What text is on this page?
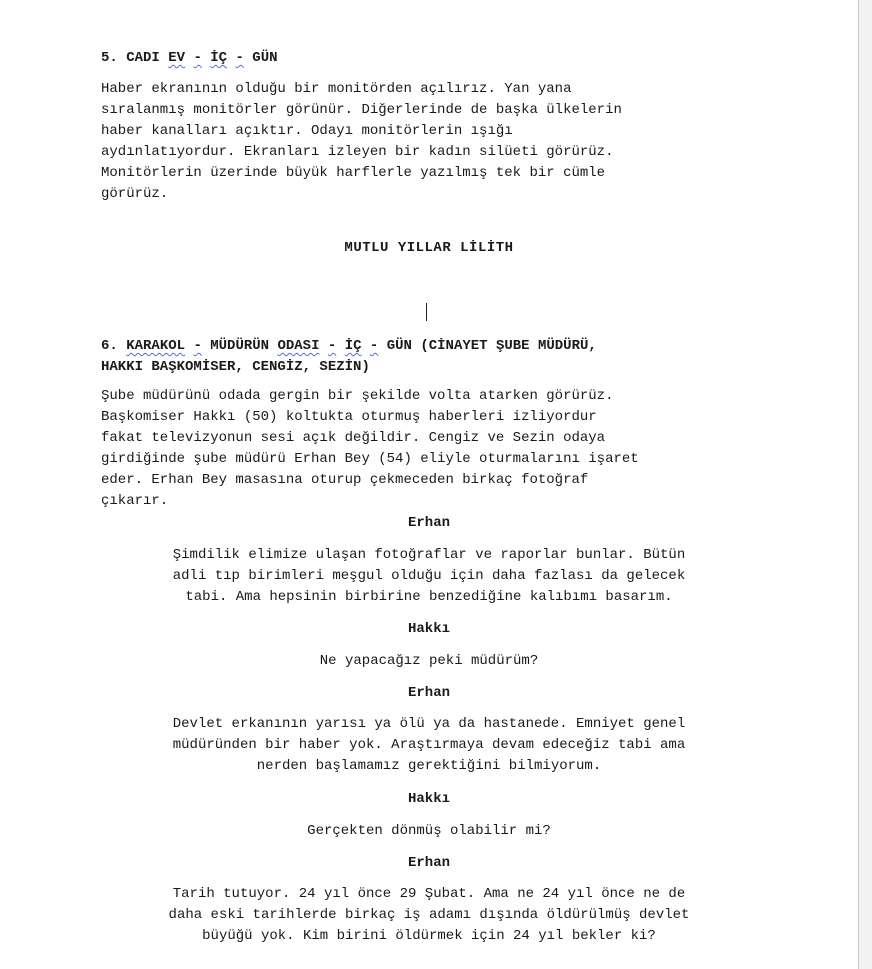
5. CADI EV - İÇ - GÜN
Haber ekranının olduğu bir monitörden açılırız. Yan yana
sıralanmış monitörler görünür. Diğerlerinde de başka ülkelerin
haber kanalları açıktır. Odayı monitörlerin ışığı
aydınlatıyordur. Ekranları izleyen bir kadın silüeti görürüz.
Monitörlerin üzerinde büyük harflerle yazılmış tek bir cümle
görürüz.
MUTLU YILLAR LİLİTH
6. KARAKOL - MÜDÜRÜN ODASI - İÇ - GÜN (CİNAYET ŞUBE MÜDÜRÜ,
HAKKI BAŞKOMİSER, CENGİZ, SEZİN)
Şube müdürünü odada gergin bir şekilde volta atarken görürüz.
Başkomiser Hakkı (50) koltukta oturmuş haberleri izliyordur
fakat televizyonun sesi açık değildir. Cengiz ve Sezin odaya
girdiğinde şube müdürü Erhan Bey (54) eliyle oturmalarını işaret
eder. Erhan Bey masasına oturup çekmeceden birkaç fotoğraf
çıkarır.
Erhan
Şimdilik elimize ulaşan fotoğraflar ve raporlar bunlar. Bütün
adli tıp birimleri meşgul olduğu için daha fazlası da gelecek
tabi. Ama hepsinin birbirine benzediğine kalıbımı basarım.
Hakkı
Ne yapacağız peki müdürüm?
Erhan
Devlet erkanının yarısı ya ölü ya da hastanede. Emniyet genel
müdüründen bir haber yok. Araştırmaya devam edeceğiz tabi ama
nerden başlamamız gerektiğini bilmiyorum.
Hakkı
Gerçekten dönmüş olabilir mi?
Erhan
Tarih tutuyor. 24 yıl önce 29 Şubat. Ama ne 24 yıl önce ne de
daha eski tarihlerde birkaç iş adamı dışında öldürülmüş devlet
büyüğü yok. Kim birini öldürmek için 24 yıl bekler ki?
